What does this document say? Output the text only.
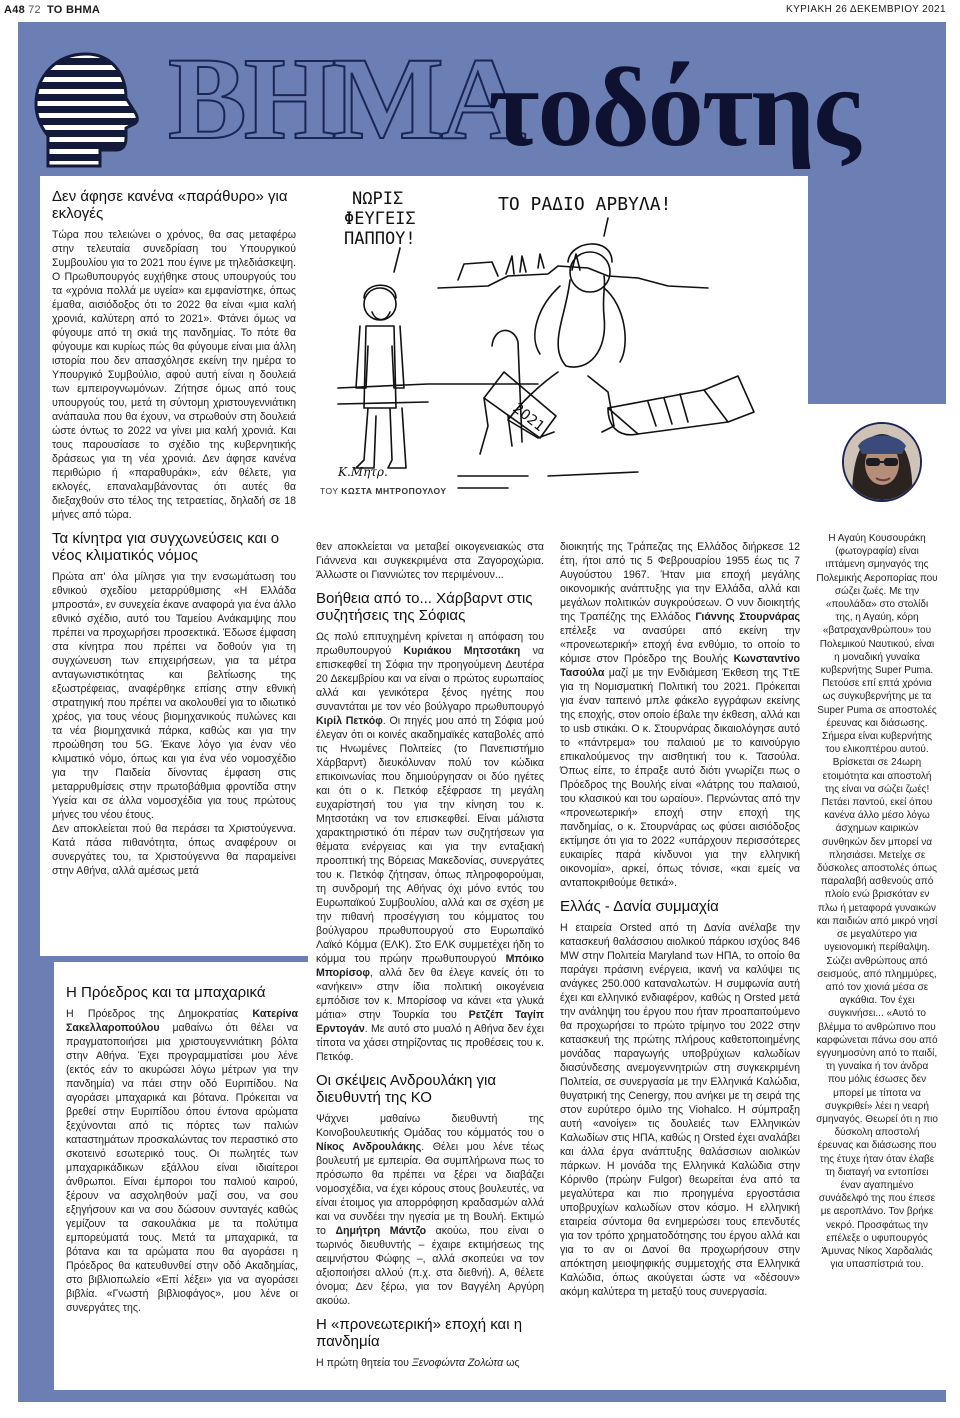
Α48 72 ΤΟ ΒΗΜΑ	ΚΥΡΙΑΚΗ 26 ΔΕΚΕΜΒΡΙΟΥ 2021
ΒΗΜΑ
τοδότης
Δεν άφησε κανένα «παράθυρο» για εκλογές

Τώρα που τελειώνει ο χρόνος, θα σας μεταφέρω στην τελευταία συνεδρίαση του Υπουργικού Συμβουλίου για το 2021 που έγινε με τηλεδιάσκεψη. Ο Πρωθυπουργός ευχήθηκε στους υπουργούς του τα «χρόνια πολλά με υγεία» και εμφανίστηκε, όπως έμαθα, αισιόδοξος ότι το 2022 θα είναι «μια καλή χρονιά, καλύτερη από το 2021». Φτάνει όμως να φύγουμε από τη σκιά της πανδημίας. Το πότε θα φύγουμε και κυρίως πώς θα φύγουμε είναι μια άλλη ιστορία που δεν απασχόλησε εκείνη την ημέρα το Υπουργικό Συμβούλιο, αφού αυτή είναι η δουλειά των εμπειρογνωμόνων. Ζήτησε όμως από τους υπουργούς του, μετά τη σύντομη χριστουγεννιάτικη ανάπαυλα που θα έχουν, να στρωθούν στη δουλειά ώστε όντως το 2022 να γίνει μια καλή χρονιά. Και τους παρουσίασε το σχέδιο της κυβερνητικής δράσεως για τη νέα χρονιά. Δεν άφησε κανένα περιθώριο ή «παραθυράκι», εάν θέλετε, για εκλογές, επαναλαμβάνοντας ότι αυτές θα διεξαχθούν στο τέλος της τετραετίας, δηλαδή σε 18 μήνες από τώρα.

Τα κίνητρα για συγχωνεύσεις και ο νέος κλιματικός νόμος

Πρώτα απ' όλα μίλησε για την ενσωμάτωση του εθνικού σχεδίου μεταρρύθμισης «Η Ελλάδα μπροστά», εν συνεχεία έκανε αναφορά για ένα άλλο εθνικό σχέδιο, αυτό του Ταμείου Ανάκαμψης που πρέπει να προχωρήσει προσεκτικά. Έδωσε έμφαση στα κίνητρα που πρέπει να δοθούν για τη συγχώνευση των επιχειρήσεων, για τα μέτρα ανταγωνιστικότητας και βελτίωσης της εξωστρέφειας, αναφέρθηκε επίσης στην εθνική στρατηγική που πρέπει να ακολουθεί για το ιδιωτικό χρέος, για τους νέους βιομηχανικούς πυλώνες και τα νέα βιομηχανικά πάρκα, καθώς και για την προώθηση του 5G. Έκανε λόγο για έναν νέο κλιματικό νόμο, όπως και για ένα νέο νομοσχέδιο για την Παιδεία δίνοντας έμφαση στις μεταρρυθμίσεις στην πρωτοβάθμια φροντίδα στην Υγεία και σε άλλα νομοσχέδια για τους πρώτους μήνες του νέου έτους.

Δεν αποκλείεται πού θα περάσει τα Χριστούγεννα. Κατά πάσα πιθανότητα, όπως αναφέρουν οι συνεργάτες του, τα Χριστούγεννα θα παραμείνει στην Αθήνα, αλλά αμέσως μετά

Η Πρόεδρος και τα μπαχαρικά

Η Πρόεδρος της Δημοκρατίας Κατερίνα Σακελλαροπούλου μαθαίνω ότι θέλει να πραγματοποιήσει μια χριστουγεννιάτικη βόλτα στην Αθήνα. Έχει προγραμματίσει μου λένε (εκτός εάν το ακυρώσει λόγω μέτρων για την πανδημία) να πάει στην οδό Ευριπίδου. Να αγοράσει μπαχαρικά και βότανα. Πρόκειται να βρεθεί στην Ευριπίδου όπου έντονα αρώματα ξεχύνονται από τις πόρτες των παλιών καταστημάτων προσκαλώντας τον περαστικό στο σκοτεινό εσωτερικό τους. Οι πωλητές των μπαχαρικάδικων εξάλλου είναι ιδιαίτεροι άνθρωποι. Είναι έμποροι του παλιού καιρού, ξέρουν να ασχοληθούν μαζί σου, να σου εξηγήσουν και να σου δώσουν συνταγές καθώς γεμίζουν τα σακουλάκια με τα πολύτιμα εμπορεύματά τους. Μετά τα μπαχαρικά, τα βότανα και τα αρώματα που θα αγοράσει η Πρόεδρος θα κατευθυνθεί στην οδό Ακαδημίας, στο βιβλιοπωλείο «Επί λέξει» για να αγοράσει βιβλία. «Γνωστή βιβλιοφάγος», μου λένε οι συνεργάτες της.

ΝΩΡΙΣ ΦΕΥΓΕΙΣ ΠΑΠΠΟΥ!
ΤΟ ΡΑΔΙΟ ΑΡΒΥΛΑ!
2021
Κ.Μητρ.
ΤΟΥ ΚΩΣΤΑ ΜΗΤΡΟΠΟΥΛΟΥ

θεν αποκλείεται να μεταβεί οικογενειακώς στα Γιάννενα και συγκεκριμένα στα Ζαγοροχώρια. Άλλωστε οι Γιαννιώτες τον περιμένουν...

Βοήθεια από το... Χάρβαρντ στις συζητήσεις της Σόφιας

Ως πολύ επιτυχημένη κρίνεται η απόφαση του πρωθυπουργού Κυριάκου Μητσοτάκη να επισκεφθεί τη Σόφια την προηγούμενη Δευτέρα 20 Δεκεμβρίου και να είναι ο πρώτος ευρωπαίος αλλά και γενικότερα ξένος ηγέτης που συναντάται με τον νέο βούλγαρο πρωθυπουργό Κιρίλ Πετκόφ. Οι πηγές μου από τη Σόφια μού έλεγαν ότι οι κοινές ακαδημαϊκές καταβολές από τις Ηνωμένες Πολιτείες (το Πανεπιστήμιο Χάρβαρντ) διευκόλυναν πολύ τον κώδικα επικοινωνίας που δημιούργησαν οι δύο ηγέτες και ότι ο κ. Πετκόφ εξέφρασε τη μεγάλη ευχαρίστησή του για την κίνηση του κ. Μητσοτάκη να τον επισκεφθεί. Είναι μάλιστα χαρακτηριστικό ότι πέραν των συζητήσεων για θέματα ενέργειας και για την ενταξιακή προοπτική της Βόρειας Μακεδονίας, συνεργάτες του κ. Πετκόφ ζήτησαν, όπως πληροφορούμαι, τη συνδρομή της Αθήνας όχι μόνο εντός του Ευρωπαϊκού Συμβουλίου, αλλά και σε σχέση με την πιθανή προσέγγιση του κόμματος του βούλγαρου πρωθυπουργού στο Ευρωπαϊκό Λαϊκό Κόμμα (ΕΛΚ). Στο ΕΛΚ συμμετέχει ήδη το κόμμα του πρώην πρωθυπουργού Μπόικο Μπορίσοφ, αλλά δεν θα έλεγε κανείς ότι το «ανήκειν» στην ίδια πολιτική οικογένεια εμπόδισε τον κ. Μπορίσοφ να κάνει «τα γλυκά μάτια» στην Τουρκία του Ρετζέπ Ταγίπ Ερντογάν. Με αυτό στο μυαλό η Αθήνα δεν έχει τίποτα να χάσει στηρίζοντας τις προθέσεις του κ. Πετκόφ.

Οι σκέψεις Ανδρουλάκη για διευθυντή της ΚΟ

Ψάχνει μαθαίνω διευθυντή της Κοινοβουλευτικής Ομάδας του κόμματός του ο Νίκος Ανδρουλάκης. Θέλει μου λένε τέως βουλευτή με εμπειρία. Θα συμπλήρωνα πως το πρόσωπο θα πρέπει να ξέρει να διαβάζει νομοσχέδια, να έχει κόρους στους βουλευτές, να είναι έτοιμος για απορρόφηση κραδασμών αλλά και να συνδέει την ηγεσία με τη Βουλή. Εκτιμώ το Δημήτρη Μάντζο ακούω, που είναι ο τωρινός διευθυντής – έχαιρε εκτιμήσεως της αειμνήστου Φώφης –, αλλά σκοπεύει να τον αξιοποιήσει αλλού (π.χ. στα διεθνή). Α, θέλετε όνομα; Δεν ξέρω, για τον Βαγγέλη Αργύρη ακούω.

Η «προνεωτερική» εποχή και η πανδημία

Η πρώτη θητεία του Ξενοφώντα Ζολώτα ως

διοικητής της Τράπεζας της Ελλάδος διήρκεσε 12 έτη, ήτοι από τις 5 Φεβρουαρίου 1955 έως τις 7 Αυγούστου 1967. Ήταν μια εποχή μεγάλης οικονομικής ανάπτυξης για την Ελλάδα, αλλά και μεγάλων πολιτικών συγκρούσεων. Ο νυν διοικητής της Τραπέζης της Ελλάδος Γιάννης Στουρνάρας επέλεξε να ανασύρει από εκείνη την «προνεωτερική» εποχή ένα ενθύμιο, το οποίο το κόμισε στον Πρόεδρο της Βουλής Κωνσταντίνο Τασούλα μαζί με την Ενδιάμεση Έκθεση της ΤτΕ για τη Νομισματική Πολιτική του 2021. Πρόκειται για έναν ταπεινό μπλε φάκελο εγγράφων εκείνης της εποχής, στον οποίο έβαλε την έκθεση, αλλά και το usb στικάκι. Ο κ. Στουρνάρας δικαιολόγησε αυτό το «πάντρεμα» του παλαιού με το καινούργιο επικαλούμενος την αισθητική του κ. Τασούλα. Όπως είπε, το έπραξε αυτό διότι γνωρίζει πως ο Πρόεδρος της Βουλής είναι «λάτρης του παλαιού, του κλασικού και του ωραίου». Περνώντας από την «προνεωτερική» εποχή στην εποχή της πανδημίας, ο κ. Στουρνάρας ως φύσει αισιόδοξος εκτίμησε ότι για το 2022 «υπάρχουν περισσότερες ευκαιρίες παρά κίνδυνοι για την ελληνική οικονομία», αρκεί, όπως τόνισε, «και εμείς να ανταποκριθούμε θετικά».

Ελλάς - Δανία συμμαχία

Η εταιρεία Orsted από τη Δανία ανέλαβε την κατασκευή θαλάσσιου αιολικού πάρκου ισχύος 846 MW στην Πολιτεία Maryland των ΗΠΑ, το οποίο θα παράγει πράσινη ενέργεια, ικανή να καλύψει τις ανάγκες 250.000 καταναλωτών. Η συμφωνία αυτή έχει και ελληνικό ενδιαφέρον, καθώς η Orsted μετά την ανάληψη του έργου που ήταν προαπαιτούμενο θα προχωρήσει το πρώτο τρίμηνο του 2022 στην κατασκευή της πρώτης πλήρους καθετοποιημένης μονάδας παραγωγής υποβρύχιων καλωδίων διασύνδεσης ανεμογεννητριών στη συγκεκριμένη Πολιτεία, σε συνεργασία με την Ελληνικά Καλώδια, θυγατρική της Cenergy, που ανήκει με τη σειρά της στον ευρύτερο όμιλο της Viohalco. Η σύμπραξη αυτή «ανοίγει» τις δουλειές των Ελληνικών Καλωδίων στις ΗΠΑ, καθώς η Orsted έχει αναλάβει και άλλα έργα ανάπτυξης θαλάσσιων αιολικών πάρκων. Η μονάδα της Ελληνικά Καλώδια στην Κόρινθο (πρώην Fulgor) θεωρείται ένα από τα μεγαλύτερα και πιο προηγμένα εργοστάσια υποβρυχίων καλωδίων στον κόσμο. Η ελληνική εταιρεία σύντομα θα ενημερώσει τους επενδυτές για τον τρόπο χρηματοδότησης του έργου αλλά και για το αν οι Δανοί θα προχωρήσουν στην απόκτηση μειοψηφικής συμμετοχής στα Ελληνικά Καλώδια, όπως ακούγεται ώστε να «δέσουν» ακόμη καλύτερα τη μεταξύ τους συνεργασία.

Η Αγαύη Κουσουράκη (φωτογραφία) είναι ιπτάμενη σμηναγός της Πολεμικής Αεροπορίας που σώζει ζωές. Με την «πουλάδα» στο στολίδι της, η Αγαύη, κόρη «βατραχανθρώπου» του Πολεμικού Ναυτικού, είναι η μοναδική γυναίκα κυβερνήτης Super Puma. Πετούσε επί επτά χρόνια ως συγκυβερνήτης με τα Super Puma σε αποστολές έρευνας και διάσωσης. Σήμερα είναι κυβερνήτης του ελικοπτέρου αυτού. Βρίσκεται σε 24ωρη ετοιμότητα και αποστολή της είναι να σώζει ζωές! Πετάει παντού, εκεί όπου κανένα άλλο μέσο λόγω άσχημων καιρικών συνθηκών δεν μπορεί να πλησιάσει. Μετείχε σε δύσκολες αποστολές όπως παραλαβή ασθενούς από πλοίο ενώ βρισκόταν εν πλω ή μεταφορά γυναικών και παιδιών από μικρό νησί σε μεγαλύτερο για υγειονομική περίθαλψη. Σώζει ανθρώπους από σεισμούς, από πλημμύρες, από τον χιονιά μέσα σε αγκάθια. Τον έχει συγκινήσει... «Αυτό το βλέμμα το ανθρώπινο που καρφώνεται πάνω σου από εγγυημοσύνη από το παιδί, τη γυναίκα ή τον άνδρα που μόλις έσωσες δεν μπορεί με τίποτα να συγκριθεί» λέει η νεαρή σμηναγός. Θεωρεί ότι η πιο δύσκολη αποστολή έρευνας και διάσωσης που της έτυχε ήταν όταν έλαβε τη διαταγή να εντοπίσει έναν αγαπημένο συνάδελφό της που έπεσε με αεροπλάνο. Τον βρήκε νεκρό. Προσφάτως την επέλεξε ο υφυπουργός Άμυνας Νίκος Χαρδαλιάς για υπασπίστριά του.
